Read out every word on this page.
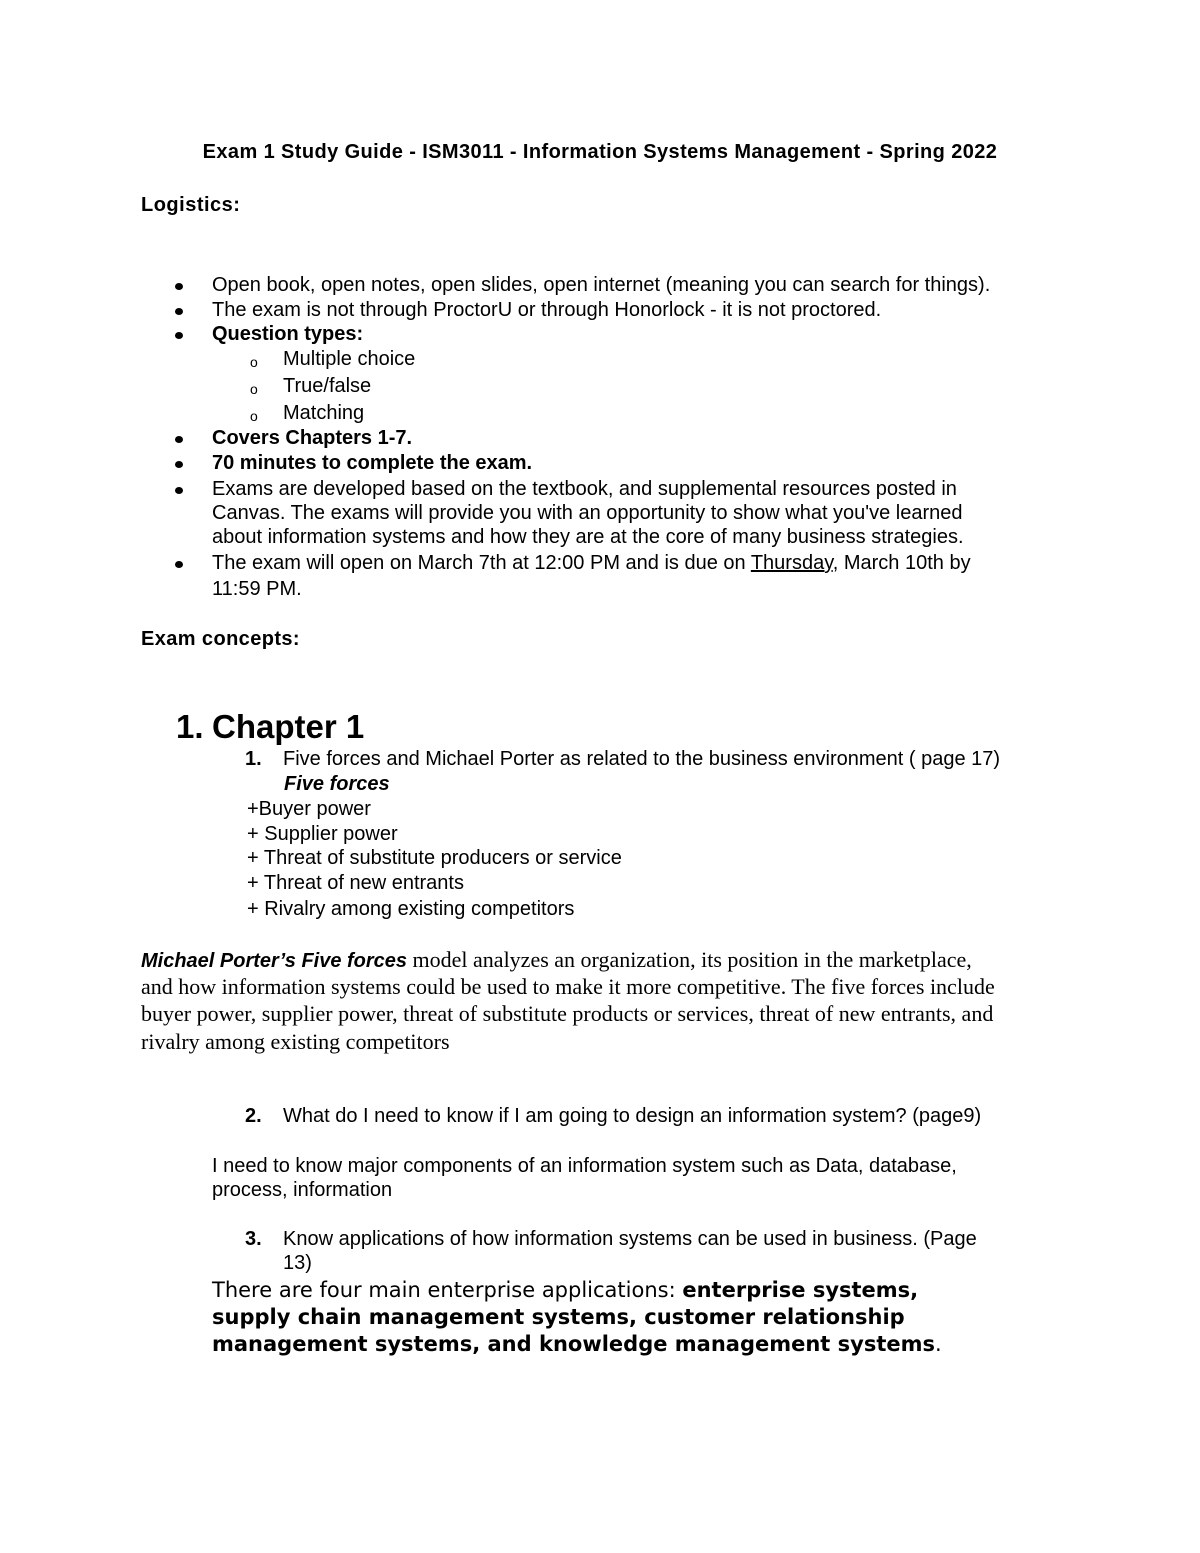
Exam 1 Study Guide - ISM3011 - Information Systems Management - Spring 2022
Logistics:
Open book, open notes, open slides, open internet (meaning you can search for things).
The exam is not through ProctorU or through Honorlock - it is not proctored.
Question types:
o Multiple choice
o True/false
o Matching
Covers Chapters 1-7.
70 minutes to complete the exam.
Exams are developed based on the textbook, and supplemental resources posted in
Canvas. The exams will provide you with an opportunity to show what you've learned
about information systems and how they are at the core of many business strategies.
The exam will open on March 7th at 12:00 PM and is due on Thursday, March 10th by
11:59 PM.
Exam concepts:
1. Chapter 1
1. Five forces and Michael Porter as related to the business environment ( page 17)
Five forces
+Buyer power
+ Supplier power
+ Threat of substitute producers or service
+ Threat of new entrants
+ Rivalry among existing competitors
Michael Porter’s Five forces model analyzes an organization, its position in the marketplace,
and how information systems could be used to make it more competitive. The five forces include
buyer power, supplier power, threat of substitute products or services, threat of new entrants, and
rivalry among existing competitors
2. What do I need to know if I am going to design an information system? (page9)
I need to know major components of an information system such as Data, database,
process, information
3. Know applications of how information systems can be used in business. (Page
13)
There are four main enterprise applications: enterprise systems,
supply chain management systems, customer relationship
management systems, and knowledge management systems.
